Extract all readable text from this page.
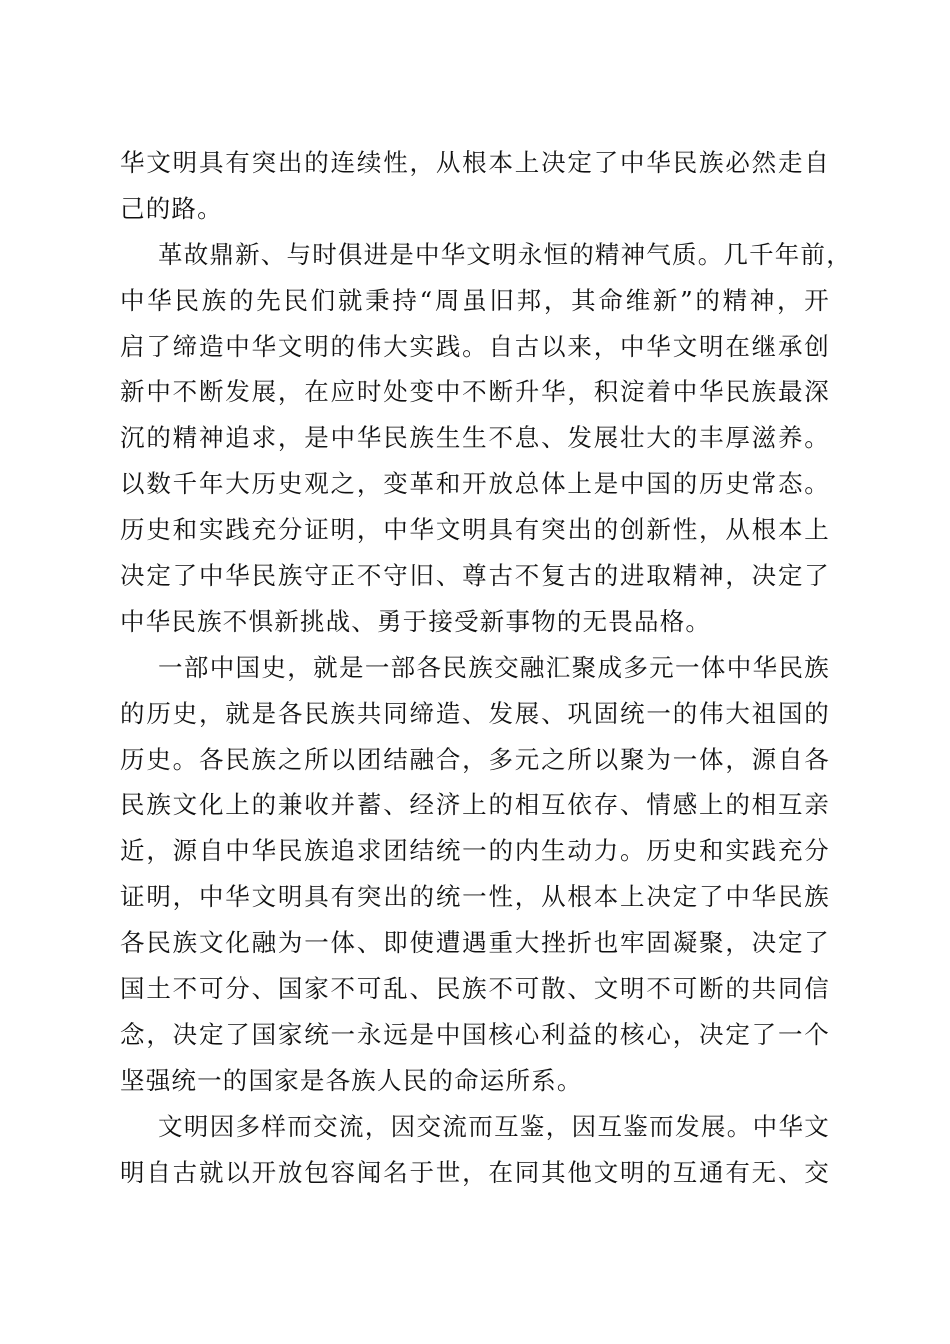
华文明具有突出的连续性，从根本上决定了中华民族必然走自
己的路。
革故鼎新、与时俱进是中华文明永恒的精神气质。几千年前，
中华民族的先民们就秉持“周虽旧邦，其命维新”的精神，开
启了缔造中华文明的伟大实践。自古以来，中华文明在继承创
新中不断发展，在应时处变中不断升华，积淀着中华民族最深
沉的精神追求，是中华民族生生不息、发展壮大的丰厚滋养。
以数千年大历史观之，变革和开放总体上是中国的历史常态。
历史和实践充分证明，中华文明具有突出的创新性，从根本上
决定了中华民族守正不守旧、尊古不复古的进取精神，决定了
中华民族不惧新挑战、勇于接受新事物的无畏品格。
一部中国史，就是一部各民族交融汇聚成多元一体中华民族
的历史，就是各民族共同缔造、发展、巩固统一的伟大祖国的
历史。各民族之所以团结融合，多元之所以聚为一体，源自各
民族文化上的兼收并蓄、经济上的相互依存、情感上的相互亲
近，源自中华民族追求团结统一的内生动力。历史和实践充分
证明，中华文明具有突出的统一性，从根本上决定了中华民族
各民族文化融为一体、即使遭遇重大挫折也牢固凝聚，决定了
国土不可分、国家不可乱、民族不可散、文明不可断的共同信
念，决定了国家统一永远是中国核心利益的核心，决定了一个
坚强统一的国家是各族人民的命运所系。
文明因多样而交流，因交流而互鉴，因互鉴而发展。中华文
明自古就以开放包容闻名于世，在同其他文明的互通有无、交
